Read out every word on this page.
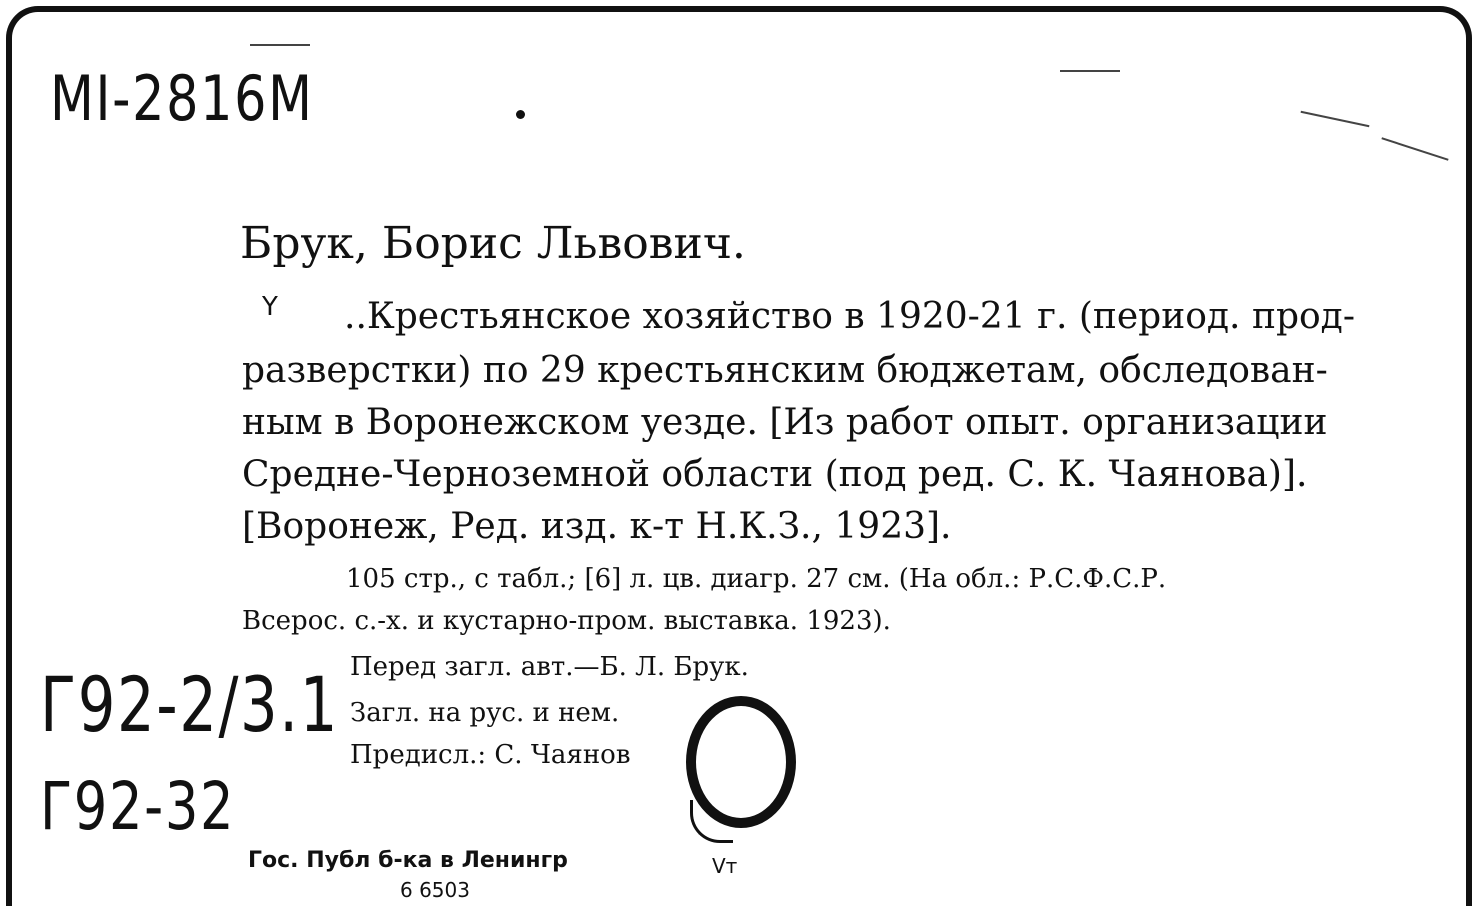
MI-2816M
Брук, Борис Львович.
Y ..Крестьянское хозяйство в 1920-21 г. (период. прод-
разверстки) по 29 крестьянским бюджетам, обследован-
ным в Воронежском уезде. [Из работ опыт. организации
Средне-Черноземной области (под ред. С. К. Чаянова)].
[Воронеж, Ред. изд. к-т Н.К.З., 1923].
105 стр., с табл.; [6] л. цв. диагр. 27 см. (На обл.: Р.С.Ф.С.Р.
Всерос. с.-х. и кустарно-пром. выставка. 1923).
Перед загл. авт.—Б. Л. Брук.
Загл. на рус. и нем.
Предисл.: С. Чаянов
Г92-2/3.1
Г92-32
Гос. Публ б-ка в Ленингр
6 6503
Vт
